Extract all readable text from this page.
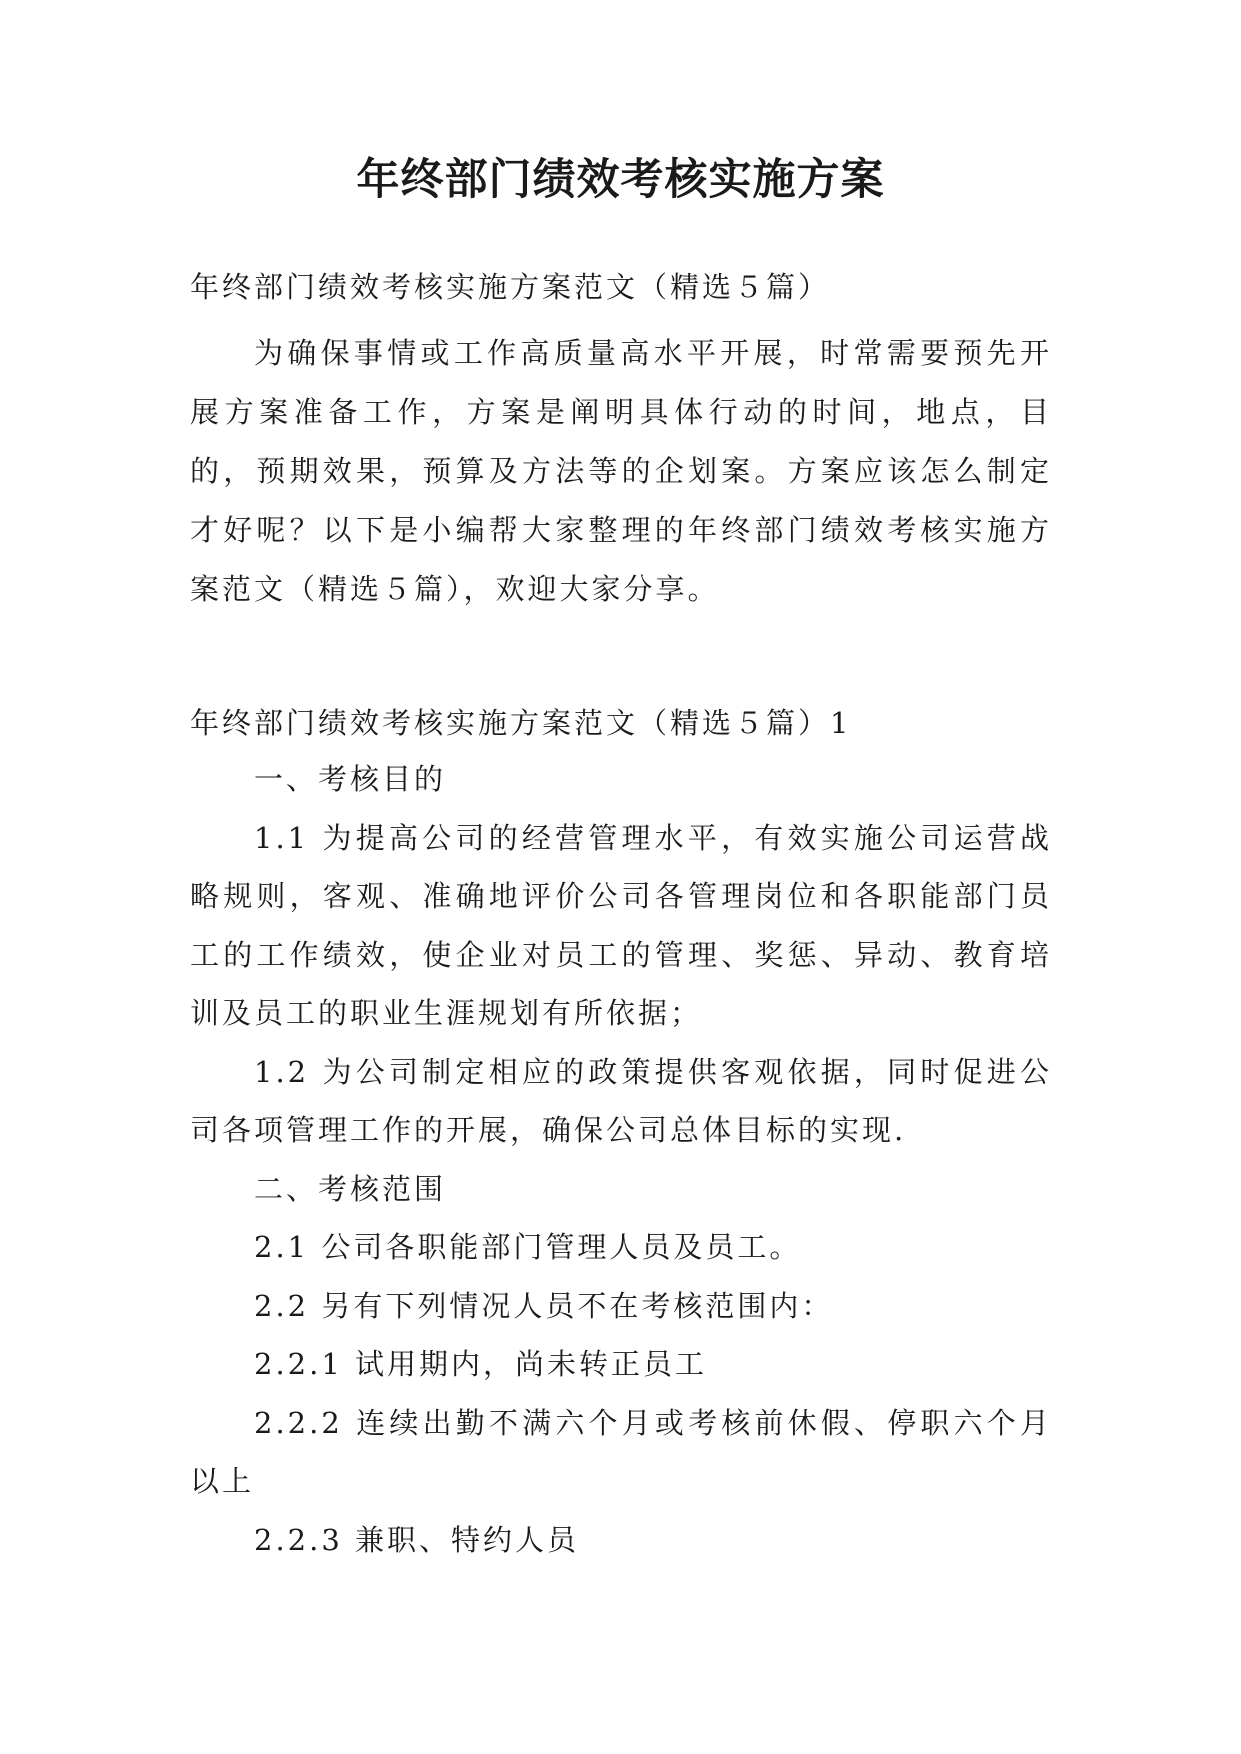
年终部门绩效考核实施方案

年终部门绩效考核实施方案范文（精选５篇）

为确保事情或工作高质量高水平开展，时常需要预先开展方案准备工作，方案是阐明具体行动的时间，地点，目的，预期效果，预算及方法等的企划案。方案应该怎么制定才好呢？以下是小编帮大家整理的年终部门绩效考核实施方案范文（精选５篇），欢迎大家分享。

年终部门绩效考核实施方案范文（精选５篇）1

一、考核目的

1.1 为提高公司的经营管理水平，有效实施公司运营战略规则，客观、准确地评价公司各管理岗位和各职能部门员工的工作绩效，使企业对员工的管理、奖惩、异动、教育培训及员工的职业生涯规划有所依据；

1.2 为公司制定相应的政策提供客观依据，同时促进公司各项管理工作的开展，确保公司总体目标的实现.

二、考核范围

2.1 公司各职能部门管理人员及员工。

2.2 另有下列情况人员不在考核范围内：

2.2.1 试用期内，尚未转正员工

2.2.2 连续出勤不满六个月或考核前休假、停职六个月以上

2.2.3 兼职、特约人员
